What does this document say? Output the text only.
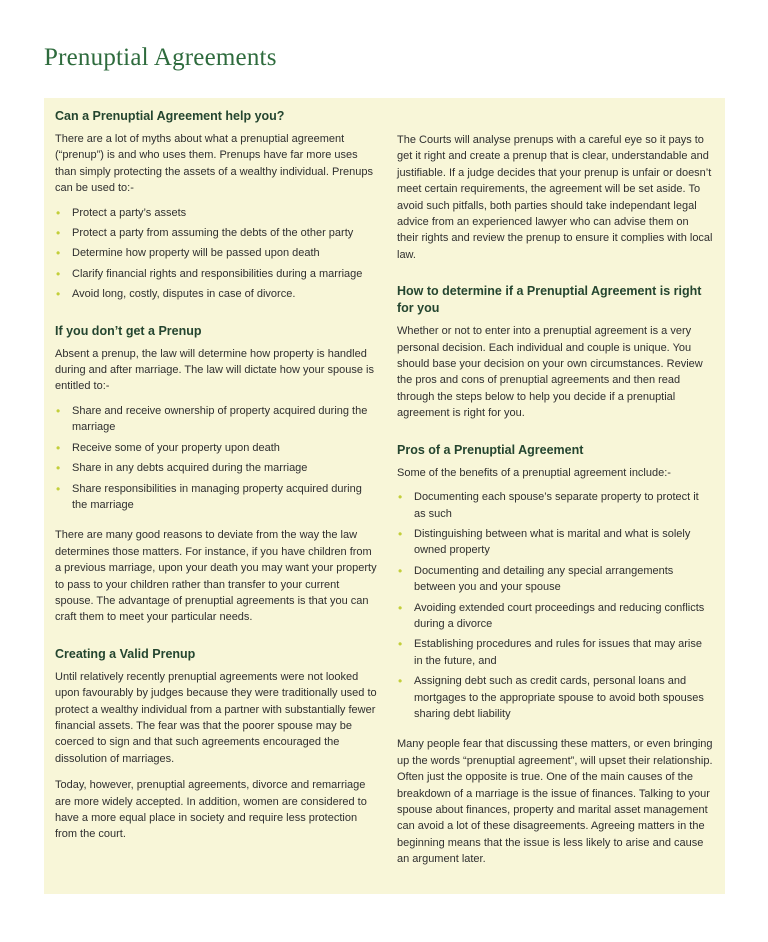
Prenuptial Agreements
Can a Prenuptial Agreement help you?

There are a lot of myths about what a prenuptial agreement (“prenup”) is and who uses them. Prenups have far more uses than simply protecting the assets of a wealthy individual. Prenups can be used to:-

• Protect a party’s assets
• Protect a party from assuming the debts of the other party
• Determine how property will be passed upon death
• Clarify financial rights and responsibilities during a marriage
• Avoid long, costly, disputes in case of divorce.
If you don’t get a Prenup

Absent a prenup, the law will determine how property is handled during and after marriage. The law will dictate how your spouse is entitled to:-

• Share and receive ownership of property acquired during the marriage
• Receive some of your property upon death
• Share in any debts acquired during the marriage
• Share responsibilities in managing property acquired during the marriage

There are many good reasons to deviate from the way the law determines those matters. For instance, if you have children from a previous marriage, upon your death you may want your property to pass to your children rather than transfer to your current spouse. The advantage of prenuptial agreements is that you can craft them to meet your particular needs.

Creating a Valid Prenup

Until relatively recently prenuptial agreements were not looked upon favourably by judges because they were traditionally used to protect a wealthy individual from a partner with substantially fewer financial assets. The fear was that the poorer spouse may be coerced to sign and that such agreements encouraged the dissolution of marriages.

Today, however, prenuptial agreements, divorce and remarriage are more widely accepted. In addition, women are considered to have a more equal place in society and require less protection from the court.

The Courts will analyse prenups with a careful eye so it pays to get it right and create a prenup that is clear, understandable and justifiable. If a judge decides that your prenup is unfair or doesn’t meet certain requirements, the agreement will be set aside. To avoid such pitfalls, both parties should take independant legal advice from an experienced lawyer who can advise them on their rights and review the prenup to ensure it complies with local law.

How to determine if a Prenuptial Agreement is right for you

Whether or not to enter into a prenuptial agreement is a very personal decision. Each individual and couple is unique. You should base your decision on your own circumstances. Review the pros and cons of prenuptial agreements and then read through the steps below to help you decide if a prenuptial agreement is right for you.

Pros of a Prenuptial Agreement

Some of the benefits of a prenuptial agreement include:-

• Documenting each spouse’s separate property to protect it as such
• Distinguishing between what is marital and what is solely owned property
• Documenting and detailing any special arrangements between you and your spouse
• Avoiding extended court proceedings and reducing conflicts during a divorce
• Establishing procedures and rules for issues that may arise in the future, and
• Assigning debt such as credit cards, personal loans and mortgages to the appropriate spouse to avoid both spouses sharing debt liability

Many people fear that discussing these matters, or even bringing up the words “prenuptial agreement”, will upset their relationship. Often just the opposite is true. One of the main causes of the breakdown of a marriage is the issue of finances. Talking to your spouse about finances, property and marital asset management can avoid a lot of these disagreements. Agreeing matters in the beginning means that the issue is less likely to arise and cause an argument later.
